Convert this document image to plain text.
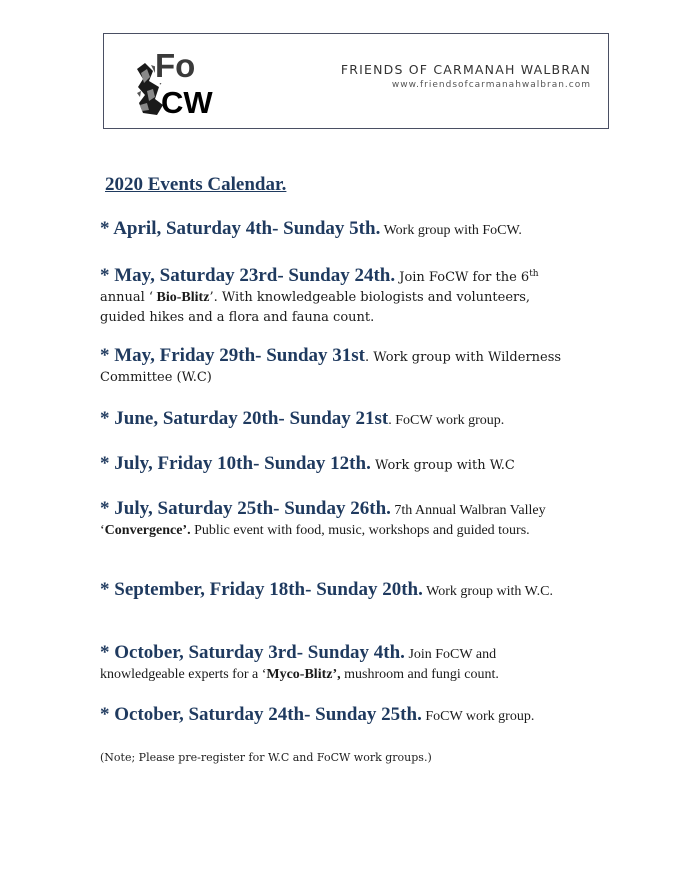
Fo
CW
FRIENDS OF CARMANAH WALBRAN
www.friendsofcarmanahwalbran.com
2020 Events Calendar.
* April, Saturday 4th- Sunday 5th. Work group with FoCW.
* May, Saturday 23rd- Sunday 24th. Join FoCW for the 6th annual ‘ Bio-Blitz’. With knowledgeable biologists and volunteers, guided hikes and a flora and fauna count.
* May, Friday 29th- Sunday 31st. Work group with Wilderness Committee (W.C)
* June, Saturday 20th- Sunday 21st. FoCW work group.
* July, Friday 10th- Sunday 12th. Work group with W.C
* July, Saturday 25th- Sunday 26th. 7th Annual Walbran Valley ‘Convergence’. Public event with food, music, workshops and guided tours.
* September, Friday 18th- Sunday 20th. Work group with W.C.
* October, Saturday 3rd- Sunday 4th. Join FoCW and knowledgeable experts for a ‘Myco-Blitz’, mushroom and fungi count.
* October, Saturday 24th- Sunday 25th. FoCW work group.
(Note; Please pre-register for W.C and FoCW work groups.)
